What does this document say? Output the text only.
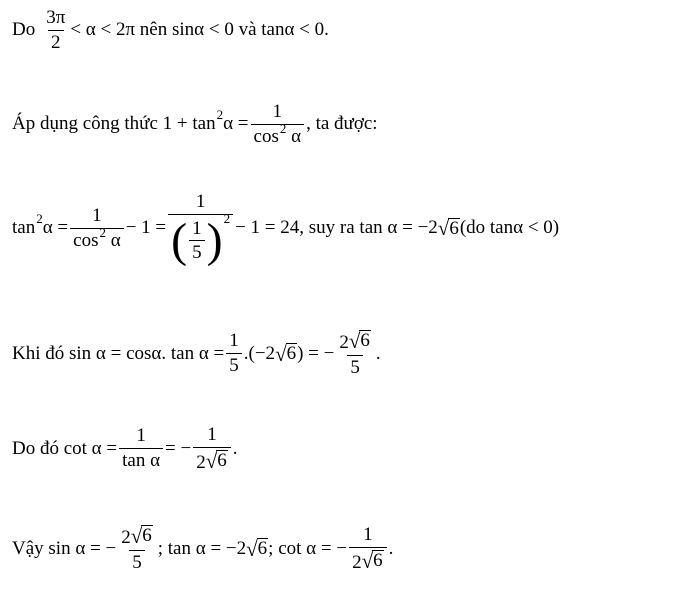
Do $\frac{3\pi}{2} < \alpha < 2\pi$ nên sinα < 0 và tanα < 0.
Áp dụng công thức 1 + tan 2 $\alpha = \frac{1}{\cos^2 \alpha}$ , ta được:
tan 2 $\alpha = \frac{1}{\cos^2 \alpha} - 1$ =
1
( $\frac{1}{5}$ ) 2 − 1 = 24 , suy ra tan α = −2 √ 6 (do tanα < 0)
Khi đó sin α = cosα. $\tan \alpha = \frac{1}{5} .(-2$ √ 6 ) = − $\frac{2 √ 6}{5}$ .
Do đó $\cot \alpha = \frac{1}{\text{tan α}}$ = − $\frac{1}{2 √ 6}$ .
Vậy sin α = − $\frac{2 √ 6}{5}$ ; tan α = −2 √ 6 ; cot α = − $\frac{1}{2 √ 6}$ .
